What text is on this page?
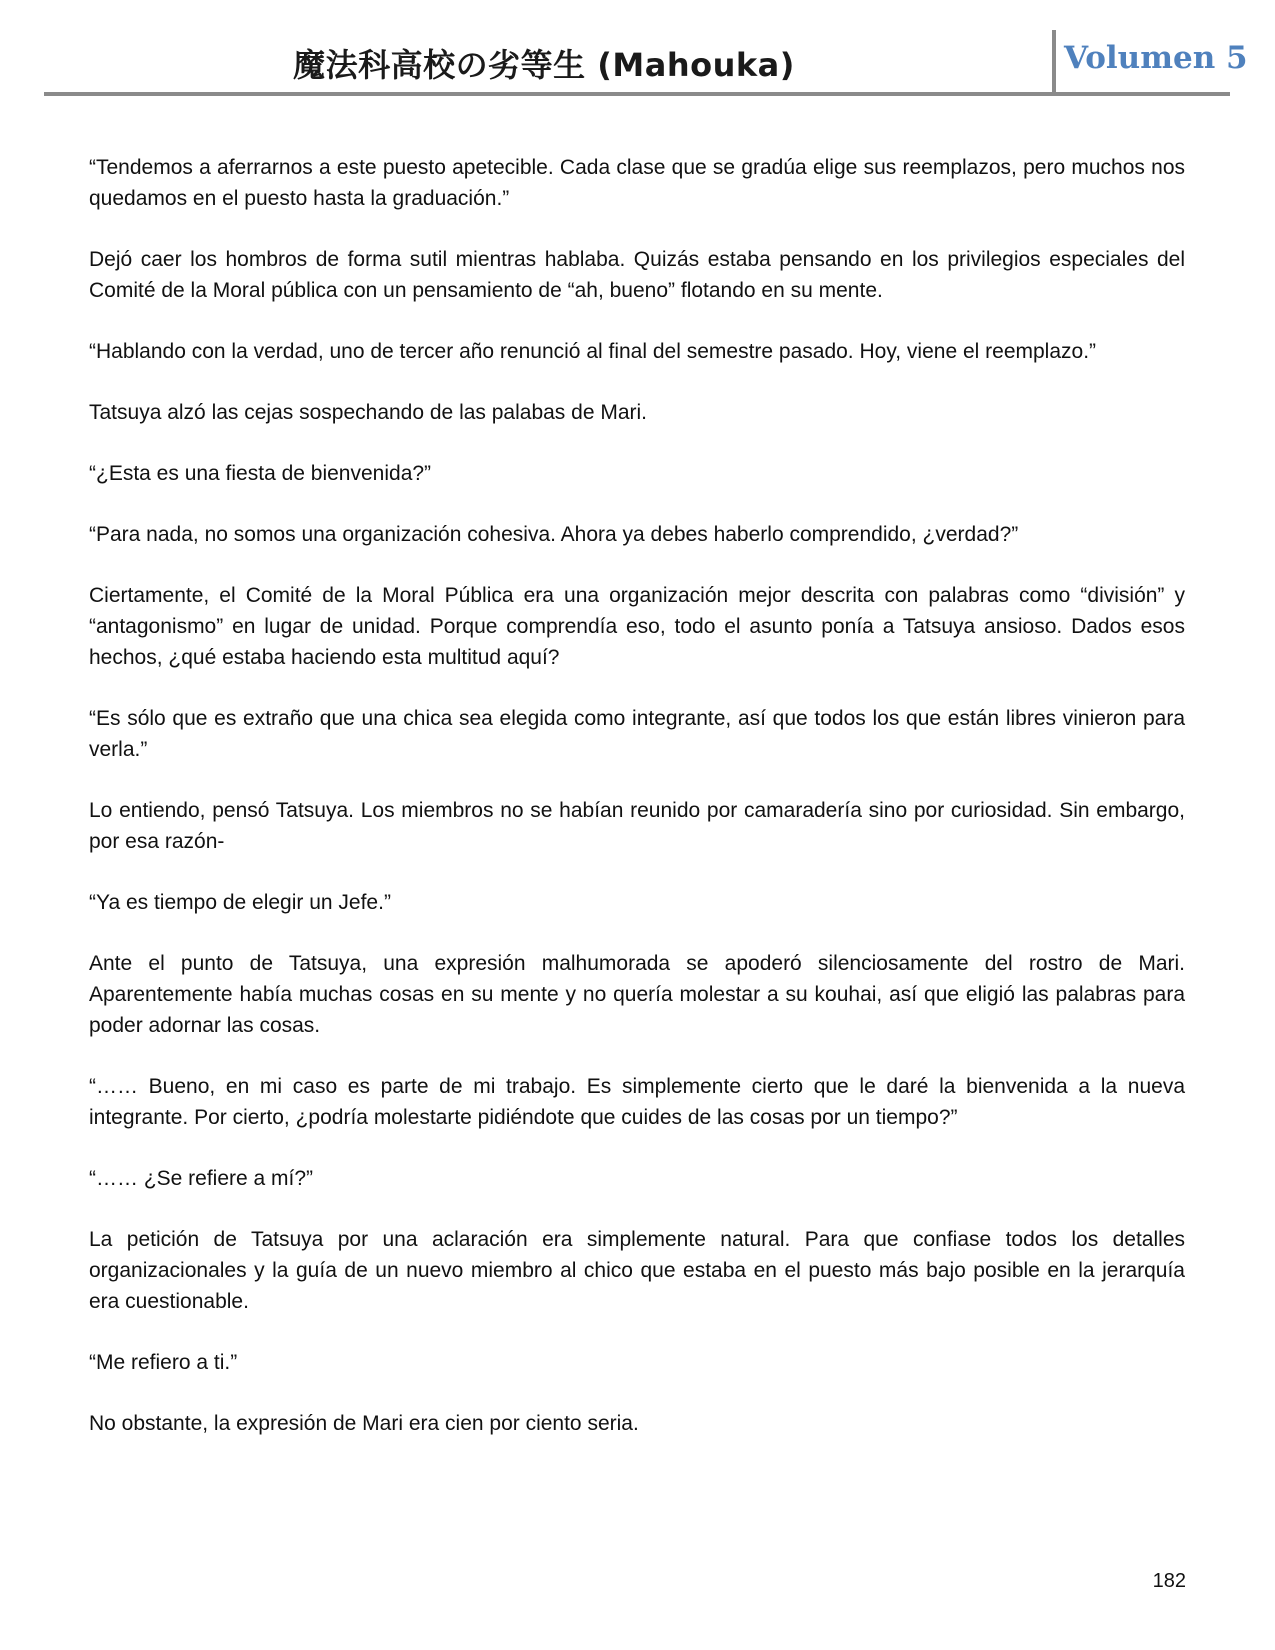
魔法科高校の劣等生 (Mahouka)	Volumen 5

“Tendemos a aferrarnos a este puesto apetecible. Cada clase que se gradúa elige sus reemplazos, pero muchos nos quedamos en el puesto hasta la graduación.”

Dejó caer los hombros de forma sutil mientras hablaba. Quizás estaba pensando en los privilegios especiales del Comité de la Moral pública con un pensamiento de “ah, bueno” flotando en su mente.

“Hablando con la verdad, uno de tercer año renunció al final del semestre pasado. Hoy, viene el reemplazo.”

Tatsuya alzó las cejas sospechando de las palabas de Mari.

“¿Esta es una fiesta de bienvenida?”

“Para nada, no somos una organización cohesiva. Ahora ya debes haberlo comprendido, ¿verdad?”

Ciertamente, el Comité de la Moral Pública era una organización mejor descrita con palabras como “división” y “antagonismo” en lugar de unidad. Porque comprendía eso, todo el asunto ponía a Tatsuya ansioso. Dados esos hechos, ¿qué estaba haciendo esta multitud aquí?

“Es sólo que es extraño que una chica sea elegida como integrante, así que todos los que están libres vinieron para verla.”

Lo entiendo, pensó Tatsuya. Los miembros no se habían reunido por camaradería sino por curiosidad. Sin embargo, por esa razón-

“Ya es tiempo de elegir un Jefe.”

Ante el punto de Tatsuya, una expresión malhumorada se apoderó silenciosamente del rostro de Mari. Aparentemente había muchas cosas en su mente y no quería molestar a su kouhai, así que eligió las palabras para poder adornar las cosas.

“…… Bueno, en mi caso es parte de mi trabajo. Es simplemente cierto que le daré la bienvenida a la nueva integrante. Por cierto, ¿podría molestarte pidiéndote que cuides de las cosas por un tiempo?”

“…… ¿Se refiere a mí?”

La petición de Tatsuya por una aclaración era simplemente natural. Para que confiase todos los detalles organizacionales y la guía de un nuevo miembro al chico que estaba en el puesto más bajo posible en la jerarquía era cuestionable.

“Me refiero a ti.”

No obstante, la expresión de Mari era cien por ciento seria.

182
